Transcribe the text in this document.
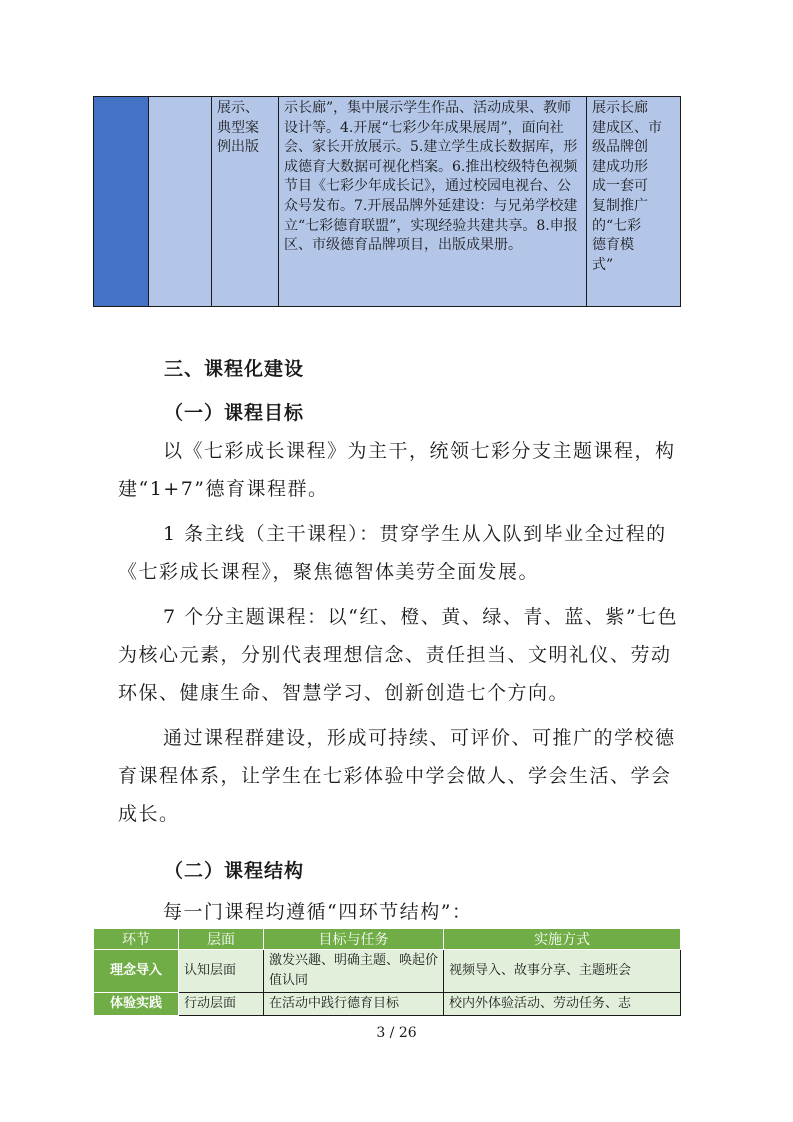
		展示、
典型案
例出版	示长廊”，集中展示学生作品、活动成果、教师设计等。4.开展“七彩少年成果展周”，面向社会、家长开放展示。5.建立学生成长数据库，形成德育大数据可视化档案。6.推出校级特色视频节目《七彩少年成长记》，通过校园电视台、公众号发布。7.开展品牌外延建设：与兄弟学校建立“七彩德育联盟”，实现经验共建共享。8.申报区、市级德育品牌项目，出版成果册。	展示长廊
建成区、市
级品牌创
建成功形
成一套可
复制推广
的“七彩
德育模
式”
三、课程化建设
（一）课程目标

以《七彩成长课程》为主干，统领七彩分支主题课程，构建“1+7”德育课程群。

1 条主线（主干课程）：贯穿学生从入队到毕业全过程的《七彩成长课程》，聚焦德智体美劳全面发展。

7 个分主题课程：以“红、橙、黄、绿、青、蓝、紫”七色为核心元素，分别代表理想信念、责任担当、文明礼仪、劳动环保、健康生命、智慧学习、创新创造七个方向。

通过课程群建设，形成可持续、可评价、可推广的学校德育课程体系，让学生在七彩体验中学会做人、学会生活、学会成长。

（二）课程结构

每一门课程均遵循“四环节结构”：

环节	层面	目标与任务	实施方式
理念导入	认知层面	激发兴趣、明确主题、唤起价值认同	视频导入、故事分享、主题班会
体验实践	行动层面	在活动中践行德育目标	校内外体验活动、劳动任务、志
3 / 26
